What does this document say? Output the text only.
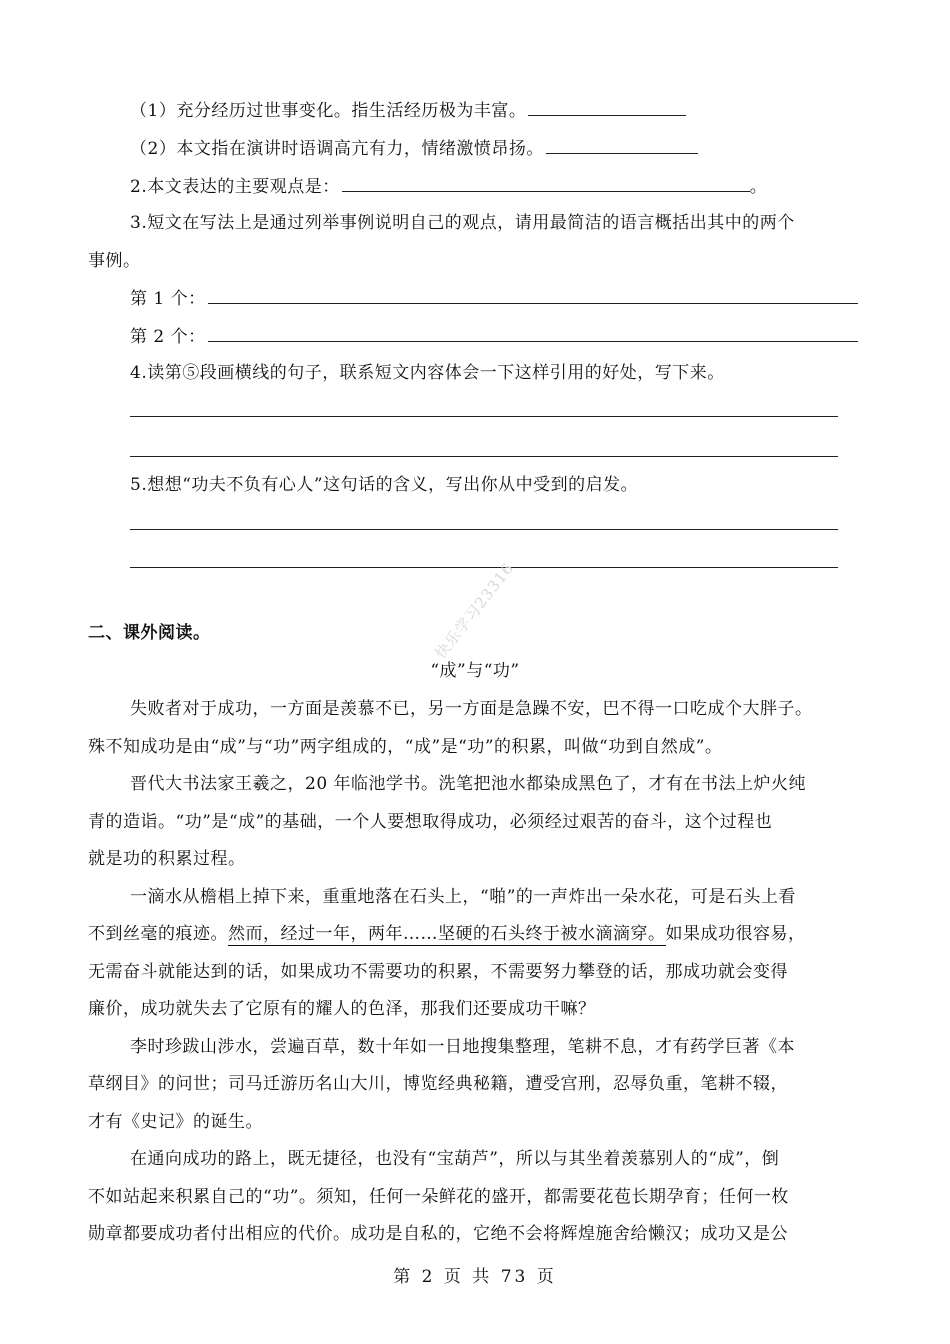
（1）充分经历过世事变化。指生活经历极为丰富。
（2）本文指在演讲时语调高亢有力，情绪激愤昂扬。
2.本文表达的主要观点是：	。
3.短文在写法上是通过列举事例说明自己的观点，请用最简洁的语言概括出其中的两个
事例。
第 1 个：
第 2 个：
4.读第⑤段画横线的句子，联系短文内容体会一下这样引用的好处，写下来。
5.想想“功夫不负有心人”这句话的含义，写出你从中受到的启发。
二、课外阅读。
“成”与“功”
失败者对于成功，一方面是羡慕不已，另一方面是急躁不安，巴不得一口吃成个大胖子。
殊不知成功是由“成”与“功”两字组成的，“成”是“功”的积累，叫做“功到自然成”。
晋代大书法家王羲之，20 年临池学书。洗笔把池水都染成黑色了，才有在书法上炉火纯
青的造诣。“功”是“成”的基础，一个人要想取得成功，必须经过艰苦的奋斗，这个过程也
就是功的积累过程。
一滴水从檐椙上掉下来，重重地落在石头上，“啪”的一声炸出一朵水花，可是石头上看
不到丝毫的痕迹。然而，经过一年，两年……坚硬的石头终于被水滴滴穿。如果成功很容易，
无需奋斗就能达到的话，如果成功不需要功的积累，不需要努力攀登的话，那成功就会变得
廉价，成功就失去了它原有的耀人的色泽，那我们还要成功干嘛？
李时珍跋山涉水，尝遍百草，数十年如一日地搜集整理，笔耕不息，才有药学巨著《本
草纲目》的问世；司马迁游历名山大川，博览经典秘籍，遭受宫刑，忍辱负重，笔耕不辍，
才有《史记》的诞生。
在通向成功的路上，既无捷径，也没有“宝葫芦”，所以与其坐着羡慕别人的“成”，倒
不如站起来积累自己的“功”。须知，任何一朵鲜花的盛开，都需要花苞长期孕育；任何一枚
勋章都要成功者付出相应的代价。成功是自私的，它绝不会将辉煌施舍给懒汉；成功又是公
第 2 页 共 73 页
快乐学习23316
